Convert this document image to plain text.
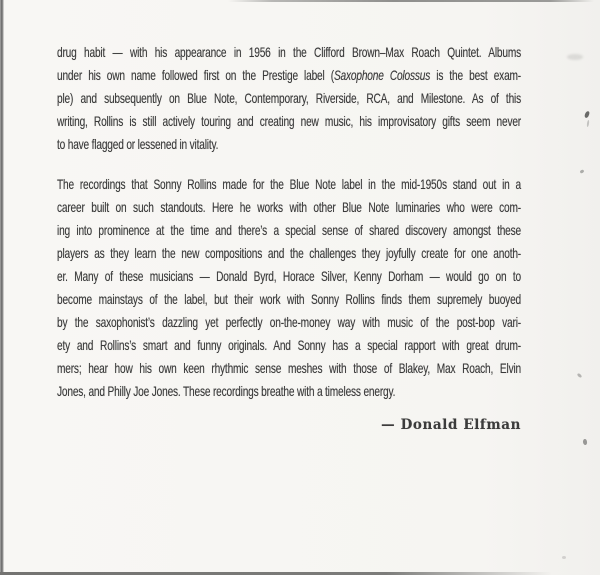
drug habit — with his appearance in 1956 in the Clifford Brown–Max Roach Quintet. Albums
under his own name followed first on the Prestige label (Saxophone Colossus is the best exam-
ple) and subsequently on Blue Note, Contemporary, Riverside, RCA, and Milestone. As of this
writing, Rollins is still actively touring and creating new music, his improvisatory gifts seem never
to have flagged or lessened in vitality.
The recordings that Sonny Rollins made for the Blue Note label in the mid-1950s stand out in a
career built on such standouts. Here he works with other Blue Note luminaries who were com-
ing into prominence at the time and there’s a special sense of shared discovery amongst these
players as they learn the new compositions and the challenges they joyfully create for one anoth-
er. Many of these musicians — Donald Byrd, Horace Silver, Kenny Dorham — would go on to
become mainstays of the label, but their work with Sonny Rollins finds them supremely buoyed
by the saxophonist’s dazzling yet perfectly on-the-money way with music of the post-bop vari-
ety and Rollins’s smart and funny originals. And Sonny has a special rapport with great drum-
mers; hear how his own keen rhythmic sense meshes with those of Blakey, Max Roach, Elvin
Jones, and Philly Joe Jones. These recordings breathe with a timeless energy.
— Donald Elfman
